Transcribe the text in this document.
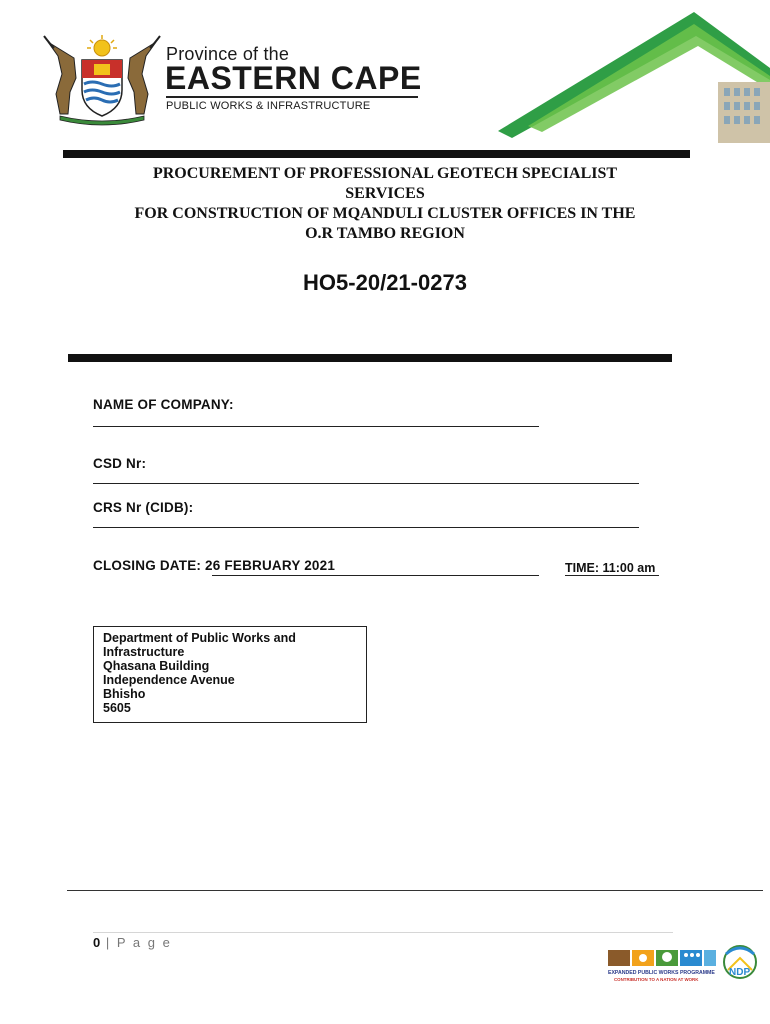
Province of the
EASTERN CAPE
PUBLIC WORKS & INFRASTRUCTURE
PROCUREMENT OF PROFESSIONAL GEOTECH SPECIALIST
SERVICES
FOR CONSTRUCTION OF MQANDULI CLUSTER OFFICES IN THE
O.R TAMBO REGION
HO5-20/21-0273
NAME OF COMPANY:
CSD Nr:
CRS Nr (CIDB):
CLOSING DATE: 26 FEBRUARY 2021	TIME: 11:00 am
Department of Public Works and
Infrastructure
Qhasana Building
Independence Avenue
Bhisho
5605
0 | P a g e
EXPANDED PUBLIC WORKS PROGRAMME
CONTRIBUTION TO A NATION AT WORK
NDP
